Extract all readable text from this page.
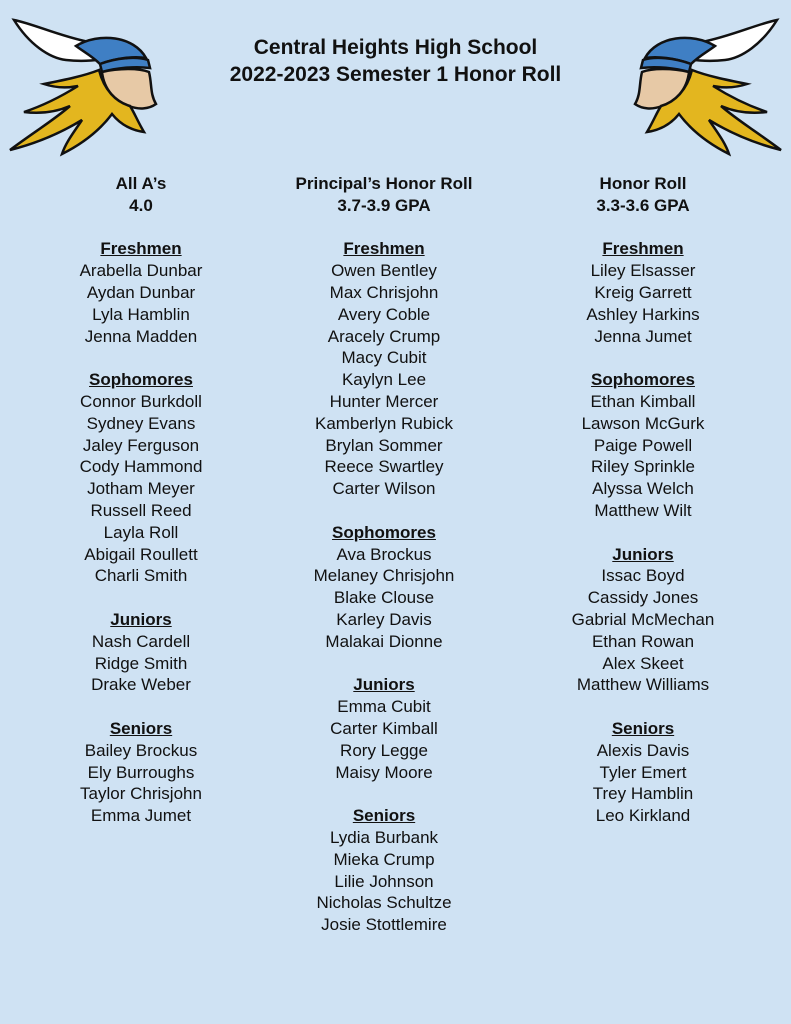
Central Heights High School
2022-2023 Semester 1 Honor Roll
All A’s
4.0
Freshmen
Arabella Dunbar
Aydan Dunbar
Lyla Hamblin
Jenna Madden
Sophomores
Connor Burkdoll
Sydney Evans
Jaley Ferguson
Cody Hammond
Jotham Meyer
Russell Reed
Layla Roll
Abigail Roullett
Charli Smith
Juniors
Nash Cardell
Ridge Smith
Drake Weber
Seniors
Bailey Brockus
Ely Burroughs
Taylor Chrisjohn
Emma Jumet
Principal’s Honor Roll
3.7-3.9 GPA
Freshmen
Owen Bentley
Max Chrisjohn
Avery Coble
Aracely Crump
Macy Cubit
Kaylyn Lee
Hunter Mercer
Kamberlyn Rubick
Brylan Sommer
Reece Swartley
Carter Wilson
Sophomores
Ava Brockus
Melaney Chrisjohn
Blake Clouse
Karley Davis
Malakai Dionne
Juniors
Emma Cubit
Carter Kimball
Rory Legge
Maisy Moore
Seniors
Lydia Burbank
Mieka Crump
Lilie Johnson
Nicholas Schultze
Josie Stottlemire
Honor Roll
3.3-3.6 GPA
Freshmen
Liley Elsasser
Kreig Garrett
Ashley Harkins
Jenna Jumet
Sophomores
Ethan Kimball
Lawson McGurk
Paige Powell
Riley Sprinkle
Alyssa Welch
Matthew Wilt
Juniors
Issac Boyd
Cassidy Jones
Gabrial McMechan
Ethan Rowan
Alex Skeet
Matthew Williams
Seniors
Alexis Davis
Tyler Emert
Trey Hamblin
Leo Kirkland
